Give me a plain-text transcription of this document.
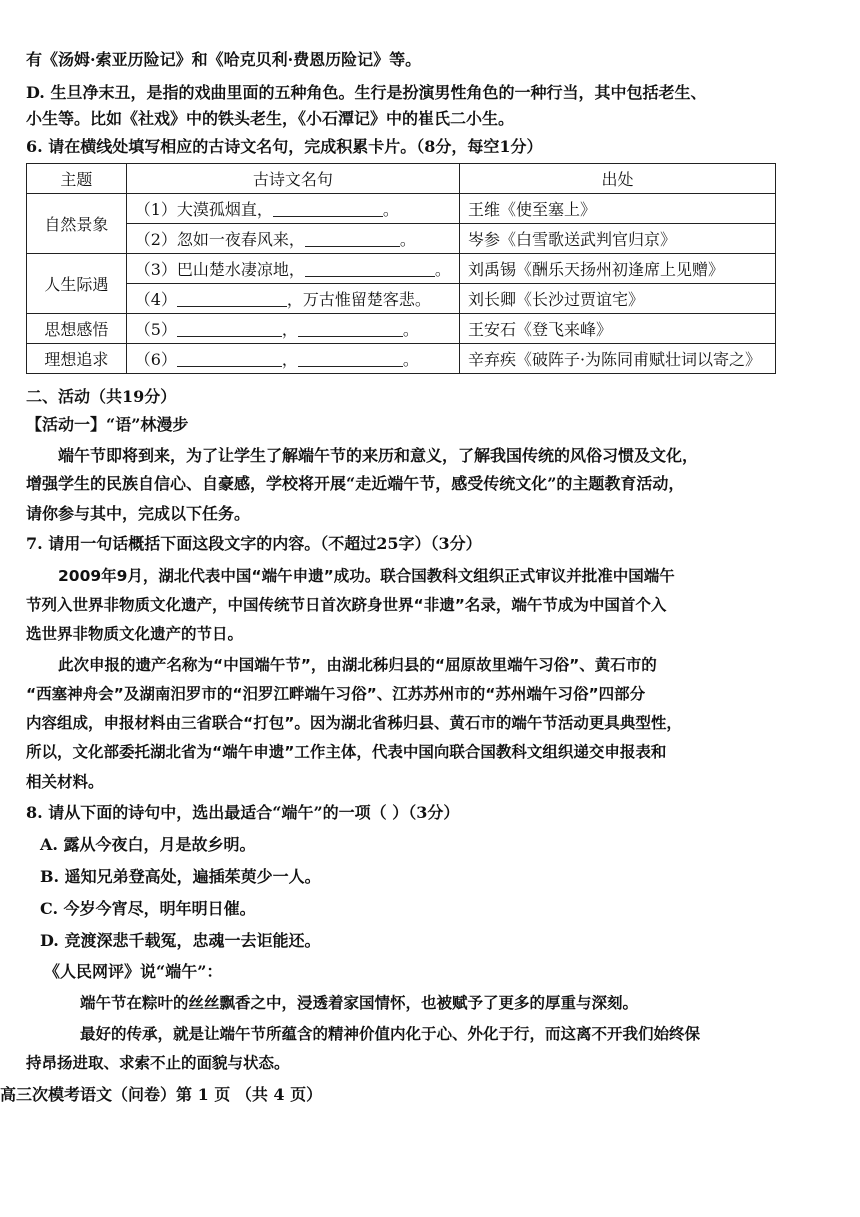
有《汤姆·索亚历险记》和《哈克贝利·费恩历险记》等。
D. 生旦净末丑，是指的戏曲里面的五种角色。生行是扮演男性角色的一种行当，其中包括老生、
小生等。比如《社戏》中的铁头老生，《小石潭记》中的崔氏二小生。
6. 请在横线处填写相应的古诗文名句，完成积累卡片。（8分，每空1分）
主题	古诗文名句	出处
自然景象	（1）大漠孤烟直， 。	王维《使至塞上》
	（2）忽如一夜春风来， 。	岑参《白雪歌送武判官归京》
人生际遇	（3）巴山楚水凄凉地， 。	刘禹锡《酬乐天扬州初逢席上见赠》
	（4） ，万古惟留楚客悲。	刘长卿《长沙过贾谊宅》
思想感悟	（5） ， 。	王安石《登飞来峰》
理想追求	（6） ， 。	辛弃疾《破阵子·为陈同甫赋壮词以寄之》
二、活动（共19分）
【活动一】“语”林漫步
端午节即将到来，为了让学生了解端午节的来历和意义，了解我国传统的风俗习惯及文化，
增强学生的民族自信心、自豪感，学校将开展“走近端午节，感受传统文化”的主题教育活动，
请你参与其中，完成以下任务。
7. 请用一句话概括下面这段文字的内容。（不超过25字）（3分）
2009年9月，湖北代表中国“端午申遗”成功。联合国教科文组织正式审议并批准中国端午
节列入世界非物质文化遗产，中国传统节日首次跻身世界“非遗”名录，端午节成为中国首个入
选世界非物质文化遗产的节日。
此次申报的遗产名称为“中国端午节”，由湖北秭归县的“屈原故里端午习俗”、黄石市的
“西塞神舟会”及湖南汨罗市的“汨罗江畔端午习俗”、江苏苏州市的“苏州端午习俗”四部分
内容组成，申报材料由三省联合“打包”。因为湖北省秭归县、黄石市的端午节活动更具典型性，
所以，文化部委托湖北省为“端午申遗”工作主体，代表中国向联合国教科文组织递交申报表和
相关材料。
8. 请从下面的诗句中，选出最适合“端午”的一项（ ）（3分）
A. 露从今夜白，月是故乡明。
B. 遥知兄弟登高处，遍插茱萸少一人。
C. 今岁今宵尽，明年明日催。
D. 竞渡深悲千载冤，忠魂一去讵能还。
《人民网评》说“端午”：
端午节在粽叶的丝丝飘香之中，浸透着家国情怀，也被赋予了更多的厚重与深刻。
最好的传承，就是让端午节所蕴含的精神价值内化于心、外化于行，而这离不开我们始终保
持昂扬进取、求索不止的面貌与状态。
高三次模考语文（问卷）第 1 页 （共 4 页）
